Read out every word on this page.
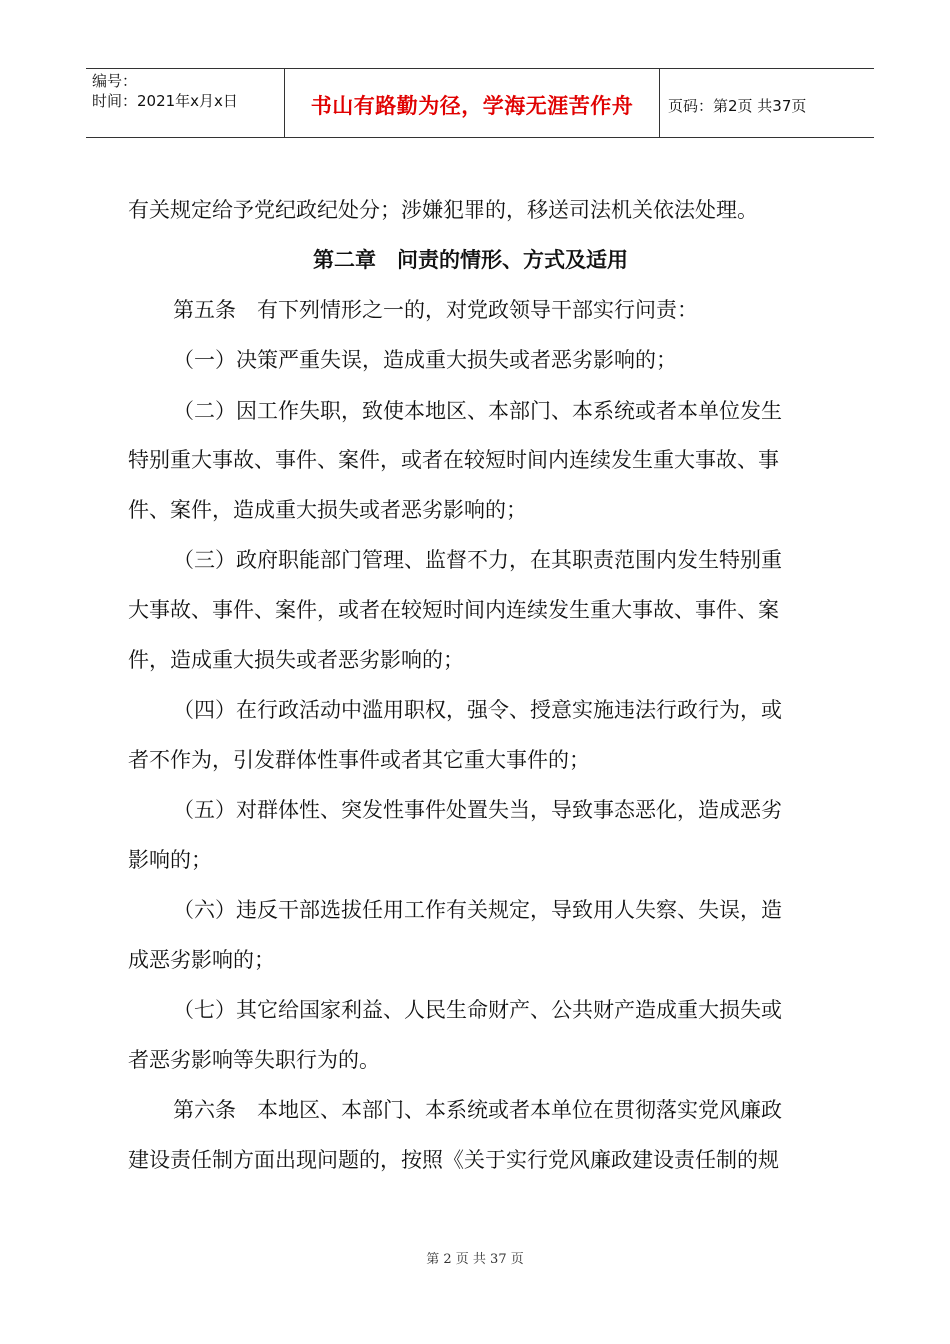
编号：
时间：2021年x月x日	书山有路勤为径，学海无涯苦作舟 页码：第2页 共37页
有关规定给予党纪政纪处分；涉嫌犯罪的，移送司法机关依法处理。
第二章　问责的情形、方式及适用
第五条　有下列情形之一的，对党政领导干部实行问责：
（一）决策严重失误，造成重大损失或者恶劣影响的；
（二）因工作失职，致使本地区、本部门、本系统或者本单位发生
特别重大事故、事件、案件，或者在较短时间内连续发生重大事故、事
件、案件，造成重大损失或者恶劣影响的；
（三）政府职能部门管理、监督不力，在其职责范围内发生特别重
大事故、事件、案件，或者在较短时间内连续发生重大事故、事件、案
件，造成重大损失或者恶劣影响的；
（四）在行政活动中滥用职权，强令、授意实施违法行政行为，或
者不作为，引发群体性事件或者其它重大事件的；
（五）对群体性、突发性事件处置失当，导致事态恶化，造成恶劣
影响的；
（六）违反干部选拔任用工作有关规定，导致用人失察、失误，造
成恶劣影响的；
（七）其它给国家利益、人民生命财产、公共财产造成重大损失或
者恶劣影响等失职行为的。
第六条　本地区、本部门、本系统或者本单位在贯彻落实党风廉政
建设责任制方面出现问题的，按照《关于实行党风廉政建设责任制的规
第 2 页 共 37 页
